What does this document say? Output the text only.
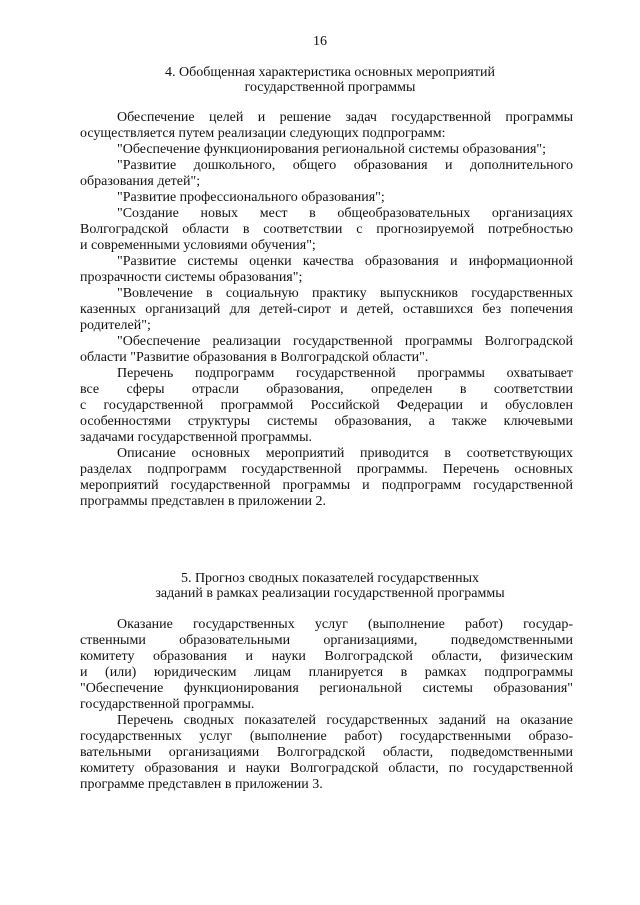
16
4. Обобщенная характеристика основных мероприятий
государственной программы
Обеспечение целей и решение задач государственной программы
осуществляется путем реализации следующих подпрограмм:
"Обеспечение функционирования региональной системы образования";
"Развитие дошкольного, общего образования и дополнительного
образования детей";
"Развитие профессионального образования";
"Создание новых мест в общеобразовательных организациях
Волгоградской области в соответствии с прогнозируемой потребностью
и современными условиями обучения";
"Развитие системы оценки качества образования и информационной
прозрачности системы образования";
"Вовлечение в социальную практику выпускников государственных
казенных организаций для детей-сирот и детей, оставшихся без попечения
родителей";
"Обеспечение реализации государственной программы Волгоградской
области "Развитие образования в Волгоградской области".
Перечень подпрограмм государственной программы охватывает
все сферы отрасли образования, определен в соответствии
с государственной программой Российской Федерации и обусловлен
особенностями структуры системы образования, а также ключевыми
задачами государственной программы.
Описание основных мероприятий приводится в соответствующих
разделах подпрограмм государственной программы. Перечень основных
мероприятий государственной программы и подпрограмм государственной
программы представлен в приложении 2.
5. Прогноз сводных показателей государственных
заданий в рамках реализации государственной программы
Оказание государственных услуг (выполнение работ) государ-
ственными образовательными организациями, подведомственными
комитету образования и науки Волгоградской области, физическим
и (или) юридическим лицам планируется в рамках подпрограммы
"Обеспечение функционирования региональной системы образования"
государственной программы.
Перечень сводных показателей государственных заданий на оказание
государственных услуг (выполнение работ) государственными образо-
вательными организациями Волгоградской области, подведомственными
комитету образования и науки Волгоградской области, по государственной
программе представлен в приложении 3.
